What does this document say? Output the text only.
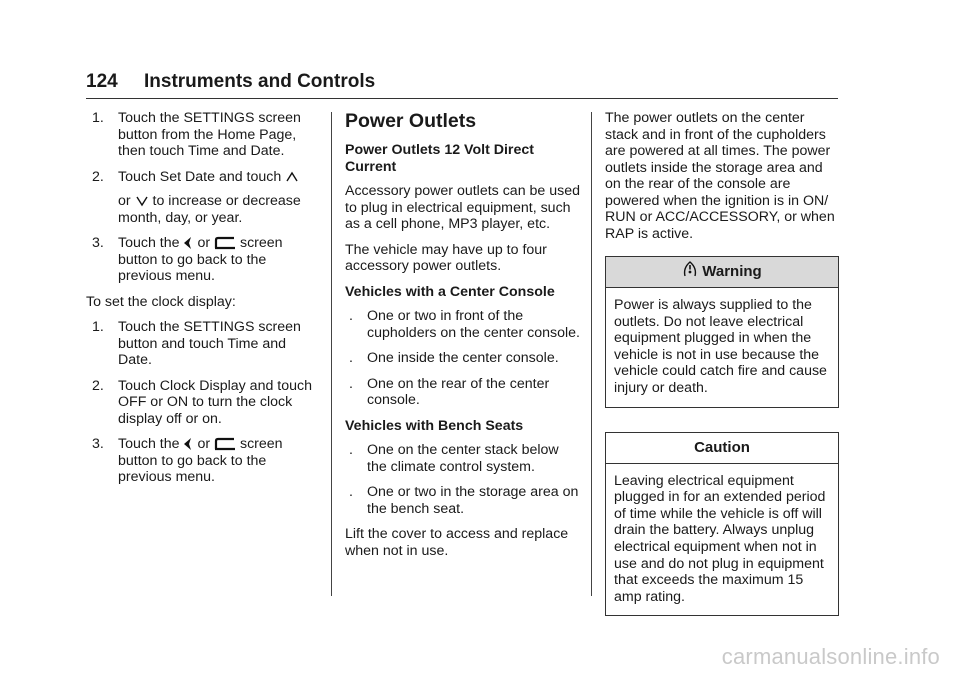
124 Instruments and Controls
1. Touch the SETTINGS screen button from the Home Page, then touch Time and Date.
2. Touch Set Date and touch
or to increase or decrease month, day, or year.
3. Touch the or screen button to go back to the previous menu.

To set the clock display:

1. Touch the SETTINGS screen button and touch Time and Date.
2. Touch Clock Display and touch OFF or ON to turn the clock display off or on.
3. Touch the or screen button to go back to the previous menu.
Power Outlets
Power Outlets 12 Volt Direct Current

Accessory power outlets can be used to plug in electrical equipment, such as a cell phone, MP3 player, etc.

The vehicle may have up to four accessory power outlets.

Vehicles with a Center Console
. One or two in front of the cupholders on the center console.
. One inside the center console.
. One on the rear of the center console.
Vehicles with Bench Seats
. One on the center stack below the climate control system.
. One or two in the storage area on the bench seat.

Lift the cover to access and replace when not in use.

The power outlets on the center stack and in front of the cupholders are powered at all times. The power outlets inside the storage area and on the rear of the console are powered when the ignition is in ON/ RUN or ACC/ACCESSORY, or when RAP is active.

Warning
Power is always supplied to the outlets. Do not leave electrical equipment plugged in when the vehicle is not in use because the vehicle could catch fire and cause injury or death.
Caution
Leaving electrical equipment plugged in for an extended period of time while the vehicle is off will drain the battery. Always unplug electrical equipment when not in use and do not plug in equipment that exceeds the maximum 15 amp rating.
carmanualsonline.info
